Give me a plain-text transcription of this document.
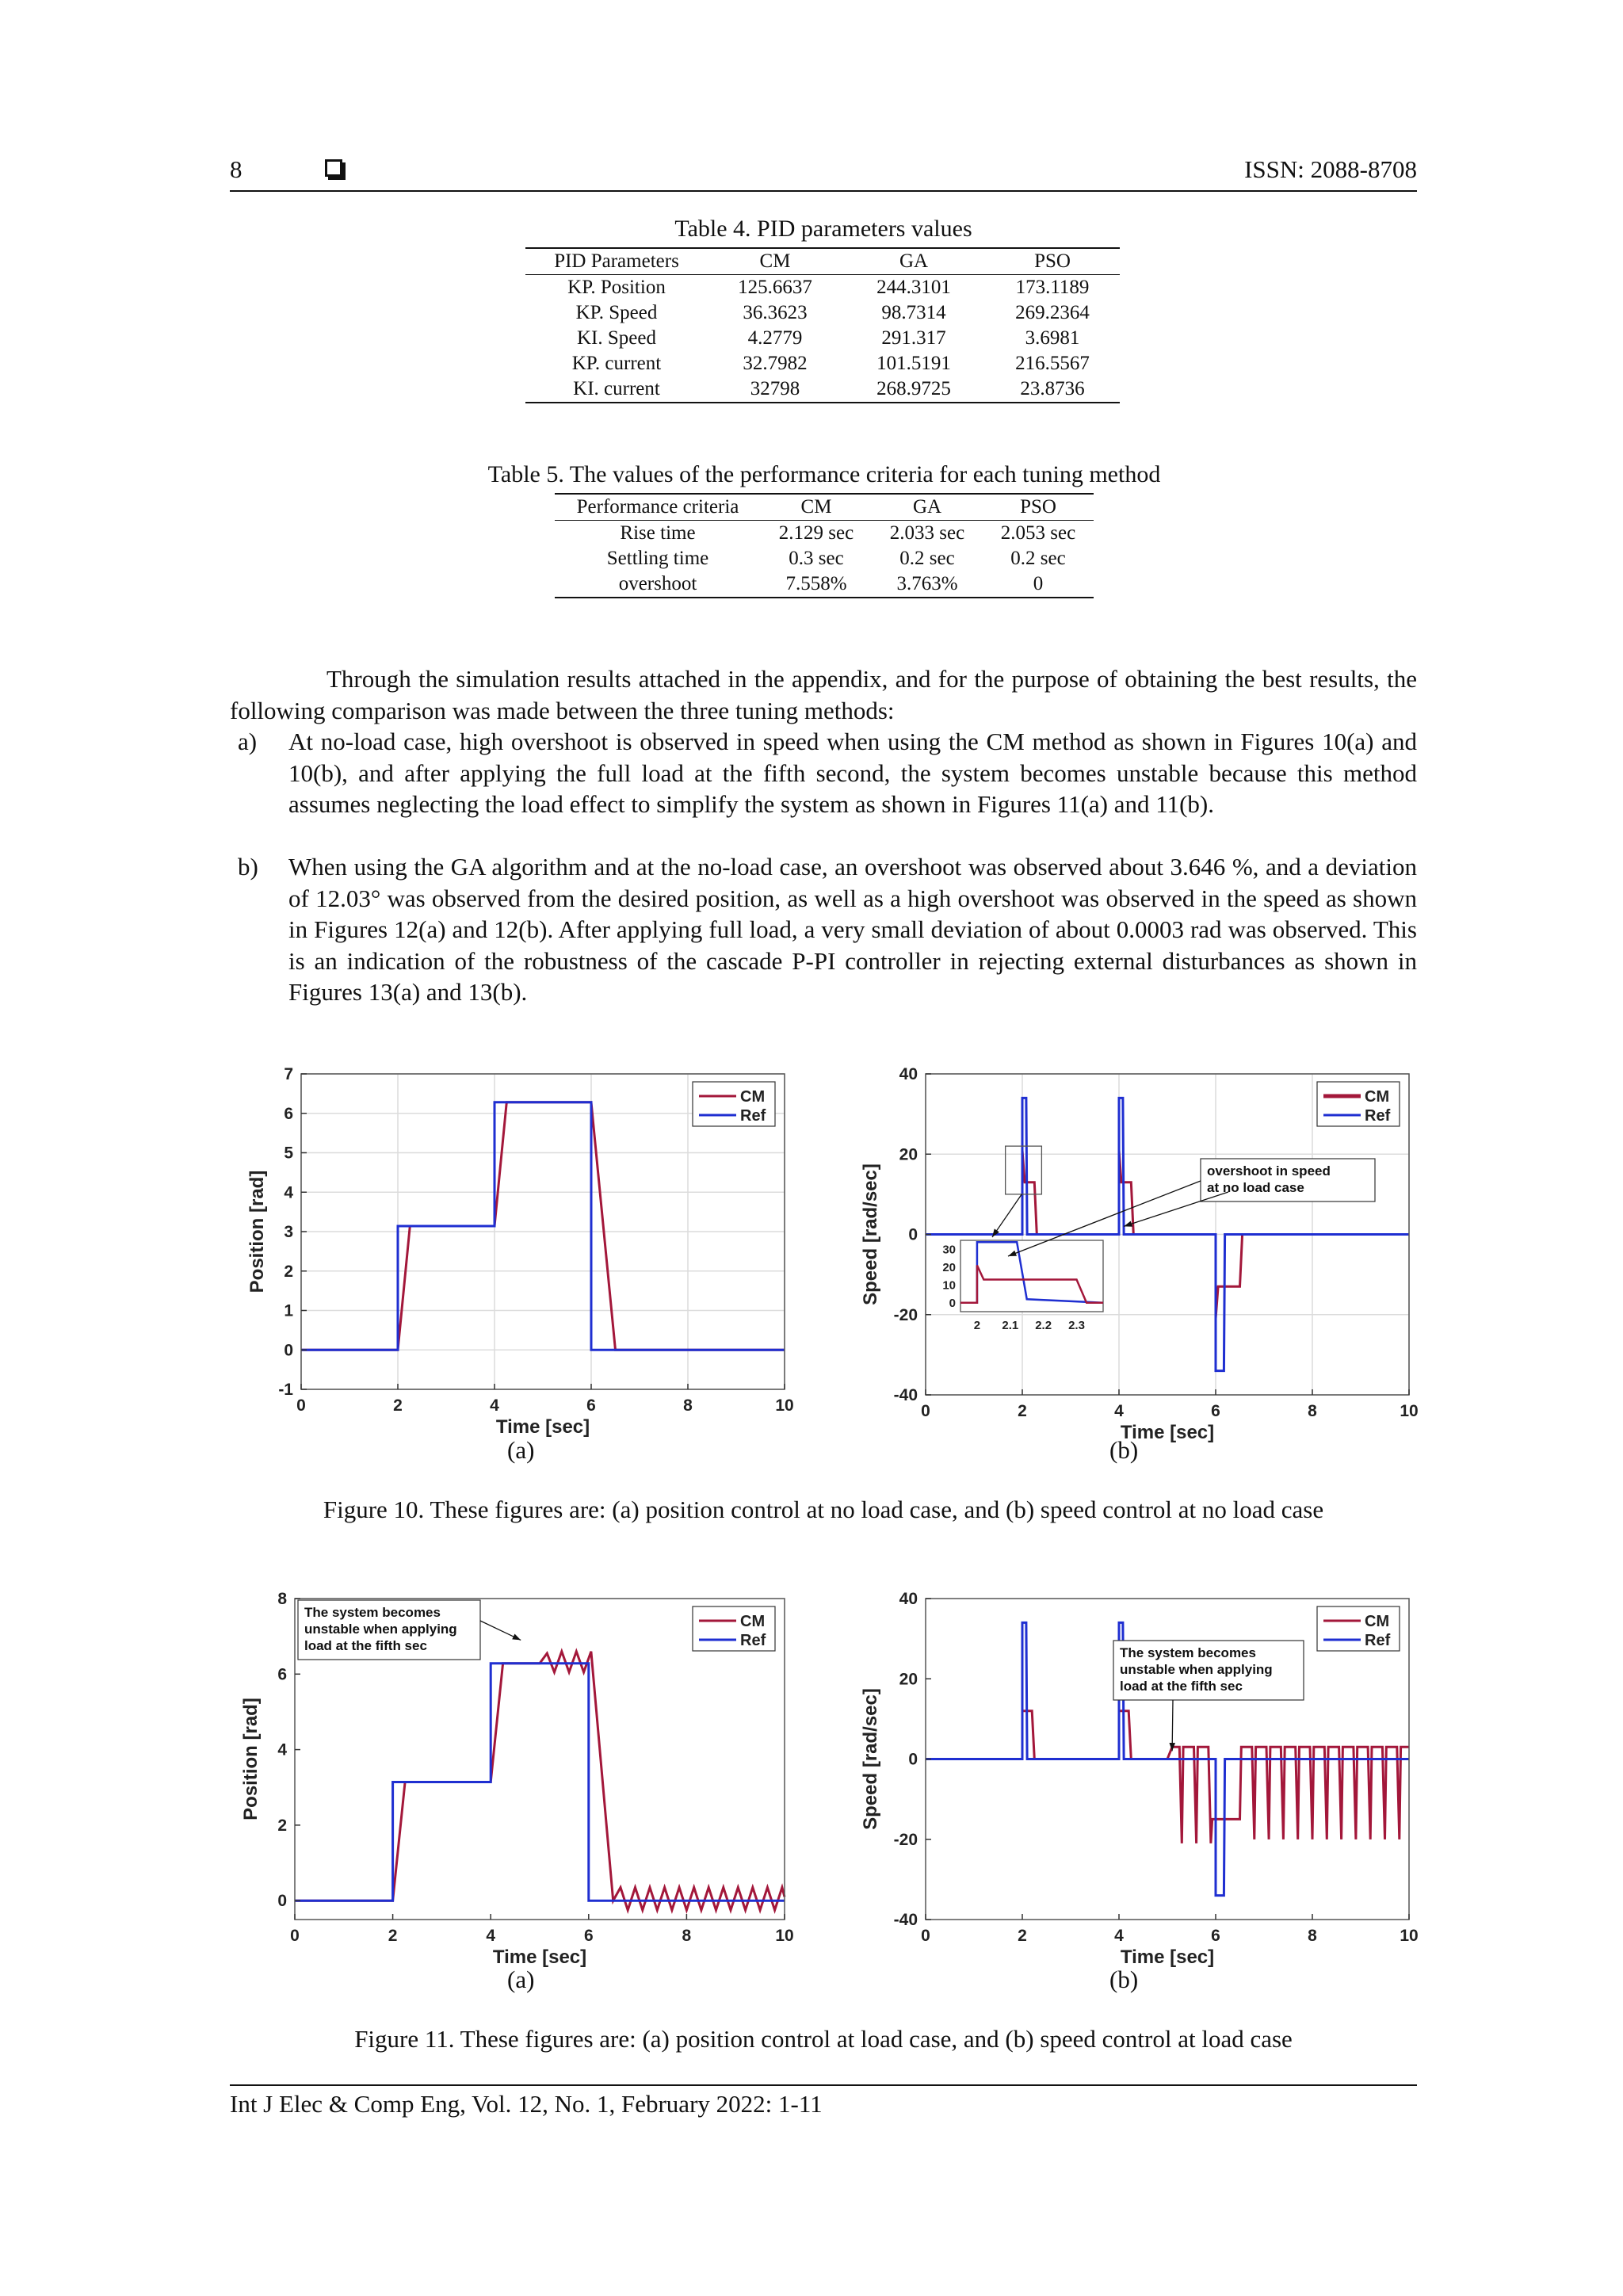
8	ISSN: 2088-8708
Table 4. PID parameters values
PID Parameters	CM	GA	PSO
KP. Position	125.6637	244.3101	173.1189
KP. Speed	36.3623	98.7314	269.2364
KI. Speed	4.2779	291.317	3.6981
KP. current	32.7982	101.5191	216.5567
KI. current	32798	268.9725	23.8736
Table 5. The values of the performance criteria for each tuning method
Performance criteria	CM	GA	PSO
Rise time	2.129 sec	2.033 sec	2.053 sec
Settling time	0.3 sec	0.2 sec	0.2 sec
overshoot	7.558%	3.763%	0
Through the simulation results attached in the appendix, and for the purpose of obtaining the best results, the following comparison was made between the three tuning methods:
a) At no-load case, high overshoot is observed in speed when using the CM method as shown in Figures 10(a) and 10(b), and after applying the full load at the fifth second, the system becomes unstable because this method assumes neglecting the load effect to simplify the system as shown in Figures 11(a) and 11(b).
b) When using the GA algorithm and at the no-load case, an overshoot was observed about 3.646 %, and a deviation of 12.03° was observed from the desired position, as well as a high overshoot was observed in the speed as shown in Figures 12(a) and 12(b). After applying full load, a very small deviation of about 0.0003 rad was observed. This is an indication of the robustness of the cascade P-PI controller in rejecting external disturbances as shown in Figures 13(a) and 13(b).
0	2	4	6	8	10
-1
0
1
2
3
4
5
6
7
Time [sec]
Position [rad]
CM
Ref
0	2	4	6	8	10
-40
-20
0
20
40
Time [sec]
Speed [rad/sec]
CM
Ref
30
20
10
0
2 2.1 2.2 2.3
overshoot in speed
at no load case
(a)	(b)
Figure 10. These figures are: (a) position control at no load case, and (b) speed control at no load case
0	2	4	6	8	10
0
2
4
6
8
Time [sec]
Position [rad]
CM
Ref
The system becomes
unstable when applying
load at the fifth sec
0	2	4	6	8	10
-40
-20
0
20
40
Time [sec]
Speed [rad/sec]
CM
Ref
The system becomes
unstable when applying
load at the fifth sec
(a)	(b)
Figure 11. These figures are: (a) position control at load case, and (b) speed control at load case
Int J Elec & Comp Eng, Vol. 12, No. 1, February 2022: 1-11
